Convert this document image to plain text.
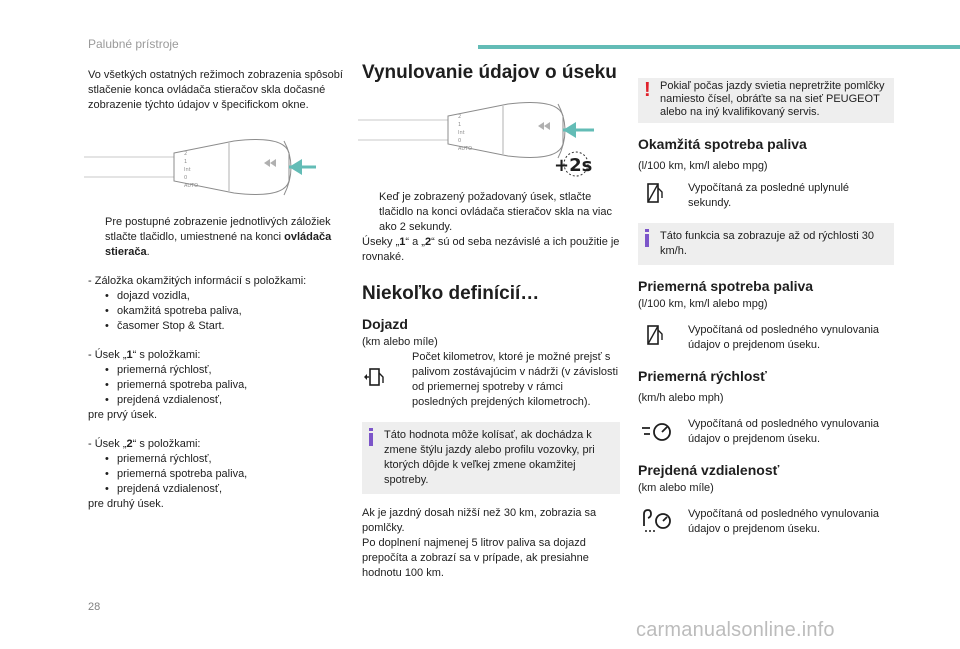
Palubné prístroje

Vo všetkých ostatných režimoch zobrazenia spôsobí stlačenie konca ovládača stieračov skla dočasné zobrazenie týchto údajov v špecifickom okne.

2
1
Int
0
AUTO
Pre postupné zobrazenie jednotlivých záložiek stlačte tlačidlo, umiestnené na konci ovládača stierača.

- Záložka okamžitých informácií s položkami:

• dojazd vozidla,
• okamžitá spotreba paliva,
• časomer Stop & Start.

- Úsek „1“ s položkami:

• priemerná rýchlosť,
• priemerná spotreba paliva,
• prejdená vzdialenosť,

pre prvý úsek.

- Úsek „2“ s položkami:

• priemerná rýchlosť,
• priemerná spotreba paliva,
• prejdená vzdialenosť,

pre druhý úsek.

Vynulovanie údajov o úseku
2
1
Int
0
AUTO
+2s
Keď je zobrazený požadovaný úsek, stlačte tlačidlo na konci ovládača stieračov skla na viac ako 2 sekundy.

Úseky „1“ a „2“ sú od seba nezávislé a ich použitie je rovnaké.

Niekoľko definícií…
Dojazd

(km alebo míle)

Počet kilometrov, ktoré je možné prejsť s palivom zostávajúcim v nádrži (v závislosti od priemernej spotreby v rámci posledných prejdených kilometroch).

Táto hodnota môže kolísať, ak dochádza k zmene štýlu jazdy alebo profilu vozovky, pri ktorých dôjde k veľkej zmene okamžitej spotreby.

Ak je jazdný dosah nižší než 30 km, zobrazia sa pomlčky.

Po doplnení najmenej 5 litrov paliva sa dojazd prepočíta a zobrazí sa v prípade, ak presiahne hodnotu 100 km.

! Pokiaľ počas jazdy svietia nepretržite pomlčky namiesto čísel, obráťte sa na sieť PEUGEOT alebo na iný kvalifikovaný servis.

Okamžitá spotreba paliva

(l/100 km, km/l alebo mpg)

Vypočítaná za posledné uplynulé sekundy.

Táto funkcia sa zobrazuje až od rýchlosti 30 km/h.

Priemerná spotreba paliva

(l/100 km, km/l alebo mpg)

Vypočítaná od posledného vynulovania údajov o prejdenom úseku.

Priemerná rýchlosť

(km/h alebo mph)

Vypočítaná od posledného vynulovania údajov o prejdenom úseku.

Prejdená vzdialenosť

(km alebo míle)

Vypočítaná od posledného vynulovania údajov o prejdenom úseku.

28
carmanualsonline.info
